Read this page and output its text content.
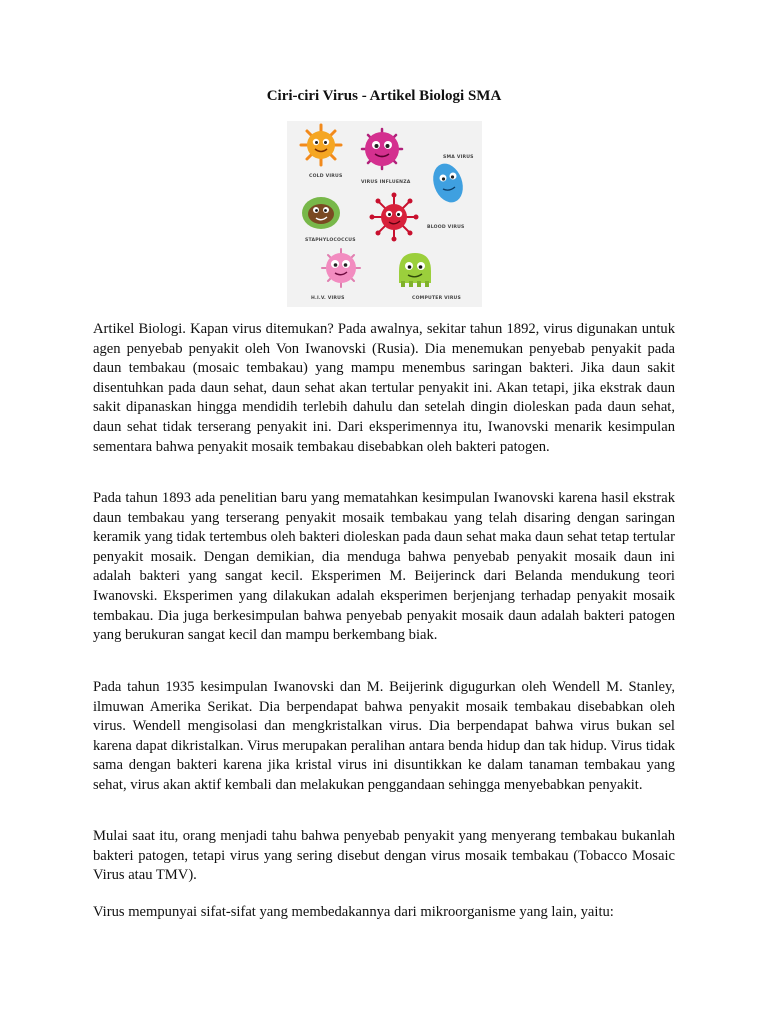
Ciri-ciri Virus - Artikel Biologi SMA
COLD VIRUS
VIRUS INFLUENZA
SMA VIRUS
STAPHYLOCOCCUS
BLOOD VIRUS
H.I.V. VIRUS	COMPUTER VIRUS

Artikel Biologi. Kapan virus ditemukan? Pada awalnya, sekitar tahun 1892, virus digunakan untuk agen penyebab penyakit oleh Von Iwanovski (Rusia). Dia menemukan penyebab penyakit pada daun tembakau (mosaic tembakau) yang mampu menembus saringan bakteri. Jika daun sakit disentuhkan pada daun sehat, daun sehat akan tertular penyakit ini. Akan tetapi, jika ekstrak daun sakit dipanaskan hingga mendidih terlebih dahulu dan setelah dingin dioleskan pada daun sehat, daun sehat tidak terserang penyakit ini. Dari eksperimennya itu, Iwanovski menarik kesimpulan sementara bahwa penyakit mosaik tembakau disebabkan oleh bakteri patogen.

Pada tahun 1893 ada penelitian baru yang mematahkan kesimpulan Iwanovski karena hasil ekstrak daun tembakau yang terserang penyakit mosaik tembakau yang telah disaring dengan saringan keramik yang tidak tertembus oleh bakteri dioleskan pada daun sehat maka daun sehat tetap tertular penyakit mosaik. Dengan demikian, dia menduga bahwa penyebab penyakit mosaik daun ini adalah bakteri yang sangat kecil. Eksperimen M. Beijerinck dari Belanda mendukung teori Iwanovski. Eksperimen yang dilakukan adalah eksperimen berjenjang terhadap penyakit mosaik tembakau. Dia juga berkesimpulan bahwa penyebab penyakit mosaik daun adalah bakteri patogen yang berukuran sangat kecil dan mampu berkembang biak.

Pada tahun 1935 kesimpulan Iwanovski dan M. Beijerink digugurkan oleh Wendell M. Stanley, ilmuwan Amerika Serikat. Dia berpendapat bahwa penyakit mosaik tembakau disebabkan oleh virus. Wendell mengisolasi dan mengkristalkan virus. Dia berpendapat bahwa virus bukan sel karena dapat dikristalkan. Virus merupakan peralihan antara benda hidup dan tak hidup. Virus tidak sama dengan bakteri karena jika kristal virus ini disuntikkan ke dalam tanaman tembakau yang sehat, virus akan aktif kembali dan melakukan penggandaan sehingga menyebabkan penyakit.

Mulai saat itu, orang menjadi tahu bahwa penyebab penyakit yang menyerang tembakau bukanlah bakteri patogen, tetapi virus yang sering disebut dengan virus mosaik tembakau (Tobacco Mosaic Virus atau TMV).

Virus mempunyai sifat-sifat yang membedakannya dari mikroorganisme yang lain, yaitu:
